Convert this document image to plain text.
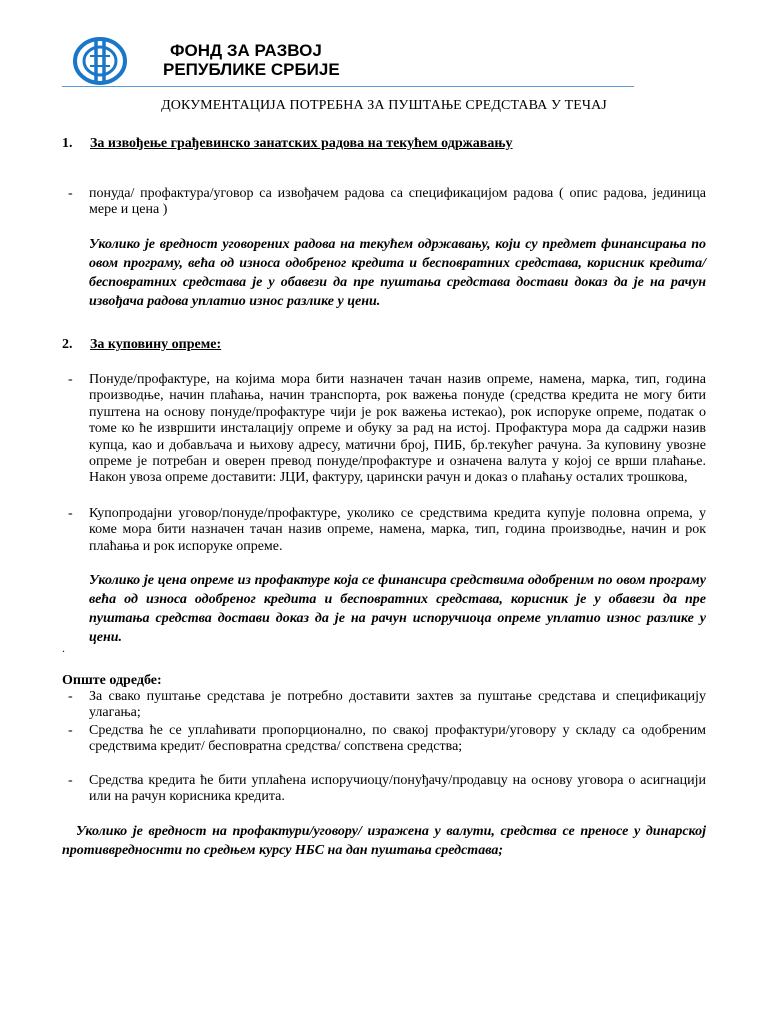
ФОНД ЗА РАЗВОЈ
РЕПУБЛИКЕ СРБИЈЕ
ДОКУМЕНТАЦИЈА ПОТРЕБНА ЗА ПУШТАЊЕ СРЕДСТАВА У ТЕЧАЈ
1. За извођење грађевинско занатских радова на текућем одржавању
-	понуда/ профактура/уговор са извођачем радова са спецификацијом радова ( опис радова, јединица мере и цена )
Уколико је вредност уговорених радова на текућем одржавању, који су предмет финансирања по овом програму, већа од износа одобреног кредита и бесповратних средстава, корисник кредита/бесповратних средстава је у обавези да пре пуштања средстава достави доказ да је на рачун извођача радова уплатио износ разлике у цени.
2. За куповину опреме:
-	Понуде/профактуре, на којима мора бити назначен тачан назив опреме, намена, марка, тип, година производње, начин плаћања, начин транспорта, рок важења понуде (средства кредита не могу бити пуштена на основу понуде/профактуре чији је рок важења истекао), рок испоруке опреме, податак о томе ко ће извршити инсталацију опреме и обуку за рад на истој. Профактура мора да садржи назив купца, као и добављача и њихову адресу, матични број, ПИБ, бр.текућег рачуна. За куповину увозне опреме је потребан и оверен превод понуде/профактуре и означена валута у којој се врши плаћање. Након увоза опреме доставити: ЈЦИ, фактуру, царински рачун и доказ о плаћању осталих трошкова,
-	Купопродајни уговор/понуде/профактуре, уколико се средствима кредита купује половна опрема, у коме мора бити назначен тачан назив опреме, намена, марка, тип, година производње, начин и рок плаћања и рок испоруке опреме.
Уколико је цена опреме из профактуре која се финансира средствима одобреним по овом програму већа од износа одобреног кредита и бесповратних средстава, корисник је у обавези да пре пуштања средства достави доказ да је на рачун испоручиоца опреме уплатио износ разлике у цени.
.
Опште одредбе:
-	За свако пуштање средстава је потребно доставити захтев за пуштање средстава и спецификацију улагања;
-	Средства ће се уплаћивати пропорционално, по свакој профактури/уговору у складу са одобреним средствима кредит/ бесповратна средства/ сопствена средства;
-	Средства кредита ће бити уплаћена испоручиоцу/понуђачу/продавцу на основу уговора о асигнацији или на рачун корисника кредита.
Уколико је вредност на профактури/уговору/ изражена у валути, средства се преносе у динарској противвредноснти по средњем курсу НБС на дан пуштања средстава;
